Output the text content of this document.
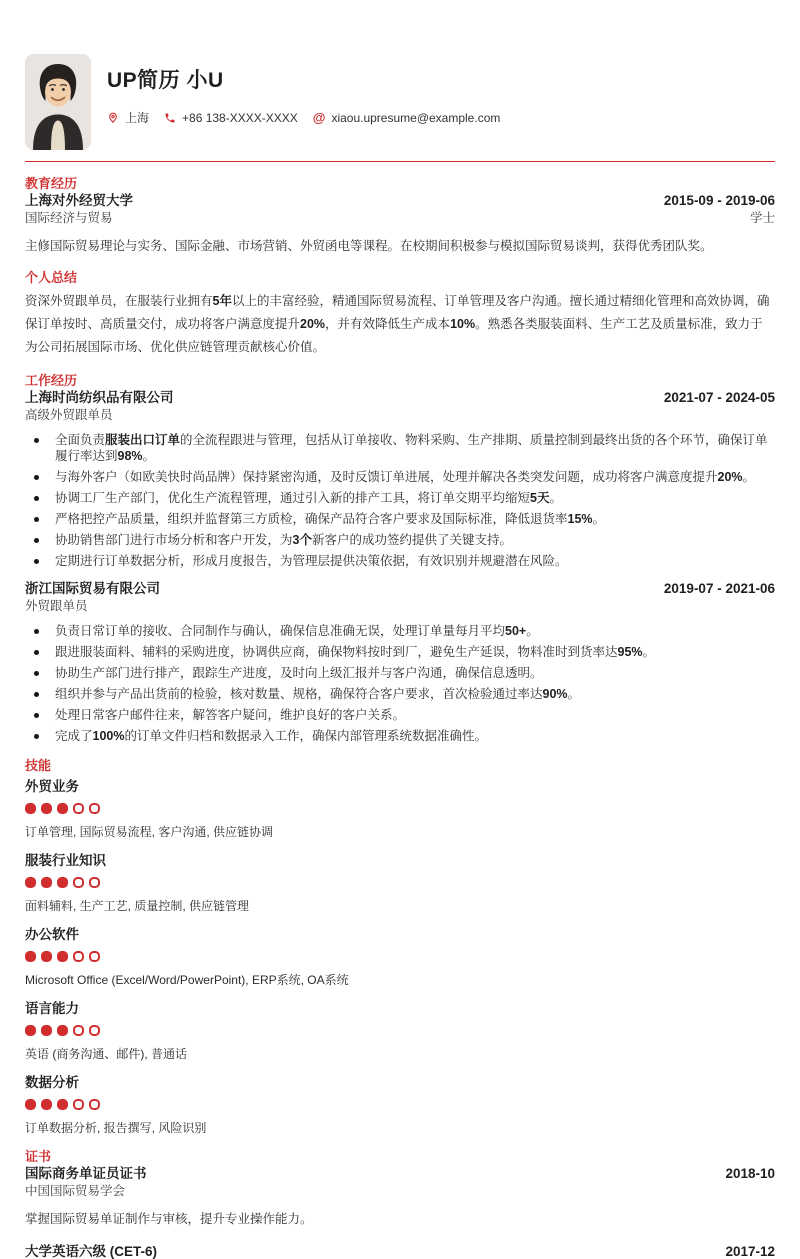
UP简历 小U
上海	+86 138-XXXX-XXXX @ xiaou.upresume@example.com
教育经历
上海对外经贸大学	2015-09 - 2019-06
国际经济与贸易	学士

主修国际贸易理论与实务、国际金融、市场营销、外贸函电等课程。在校期间积极参与模拟国际贸易谈判，获得优秀团队奖。

个人总结

资深外贸跟单员，在服装行业拥有5年以上的丰富经验，精通国际贸易流程、订单管理及客户沟通。擅长通过精细化管理和高效协调，确保订单按时、高质量交付，成功将客户满意度提升20%，并有效降低生产成本10%。熟悉各类服装面料、生产工艺及质量标准，致力于为公司拓展国际市场、优化供应链管理贡献核心价值。

工作经历
上海时尚纺织品有限公司	2021-07 - 2024-05
高级外贸跟单员
全面负责服装出口订单的全流程跟进与管理，包括从订单接收、物料采购、生产排期、质量控制到最终出货的各个环节，确保订单履行率达到98%。
与海外客户（如欧美快时尚品牌）保持紧密沟通，及时反馈订单进展，处理并解决各类突发问题，成功将客户满意度提升20%。
协调工厂生产部门，优化生产流程管理，通过引入新的排产工具，将订单交期平均缩短5天。
严格把控产品质量，组织并监督第三方质检，确保产品符合客户要求及国际标准，降低退货率15%。
协助销售部门进行市场分析和客户开发，为3个新客户的成功签约提供了关键支持。
定期进行订单数据分析，形成月度报告，为管理层提供决策依据，有效识别并规避潜在风险。
浙江国际贸易有限公司	2019-07 - 2021-06
外贸跟单员
负责日常订单的接收、合同制作与确认，确保信息准确无误，处理订单量每月平均50+。
跟进服装面料、辅料的采购进度，协调供应商，确保物料按时到厂，避免生产延误，物料准时到货率达95%。
协助生产部门进行排产，跟踪生产进度，及时向上级汇报并与客户沟通，确保信息透明。
组织并参与产品出货前的检验，核对数量、规格，确保符合客户要求，首次检验通过率达90%。
处理日常客户邮件往来，解答客户疑问，维护良好的客户关系。
完成了100%的订单文件归档和数据录入工作，确保内部管理系统数据准确性。
技能
外贸业务
订单管理, 国际贸易流程, 客户沟通, 供应链协调
服装行业知识
面料辅料, 生产工艺, 质量控制, 供应链管理
办公软件
Microsoft Office (Excel/Word/PowerPoint), ERP系统, OA系统
语言能力
英语 (商务沟通、邮件), 普通话
数据分析
订单数据分析, 报告撰写, 风险识别
证书
国际商务单证员证书	2018-10
中国国际贸易学会

掌握国际贸易单证制作与审核，提升专业操作能力。

大学英语六级 (CET-6)	2017-12
